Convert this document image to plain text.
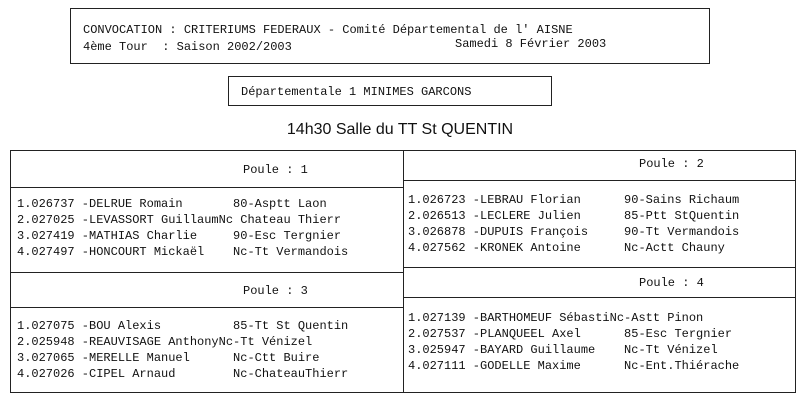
CONVOCATION : CRITERIUMS FEDERAUX - Comité Départemental de l' AISNE
4ème Tour  : Saison 2002/2003	Samedi 8 Février 2003
Départementale 1 MINIMES GARCONS
14h30 Salle du TT St QUENTIN
Poule : 1
1.026737 -DELRUE Romain       80-Asptt Laon
2.027025 -LEVASSORT GuillaumNc Chateau Thierr
3.027419 -MATHIAS Charlie     90-Esc Tergnier
4.027497 -HONCOURT Mickaël    Nc-Tt Vermandois
Poule : 2
1.026723 -LEBRAU Florian      90-Sains Richaum
2.026513 -LECLERE Julien      85-Ptt StQuentin
3.026878 -DUPUIS François     90-Tt Vermandois
4.027562 -KRONEK Antoine      Nc-Actt Chauny
Poule : 3
1.027075 -BOU Alexis          85-Tt St Quentin
2.025948 -REAUVISAGE AnthonyNc-Tt Vénizel
3.027065 -MERELLE Manuel      Nc-Ctt Buire
4.027026 -CIPEL Arnaud        Nc-ChateauThierr
Poule : 4
1.027139 -BARTHOMEUF SébastiNc-Astt Pinon
2.027537 -PLANQUEEL Axel      85-Esc Tergnier
3.025947 -BAYARD Guillaume    Nc-Tt Vénizel
4.027111 -GODELLE Maxime      Nc-Ent.Thiérache
